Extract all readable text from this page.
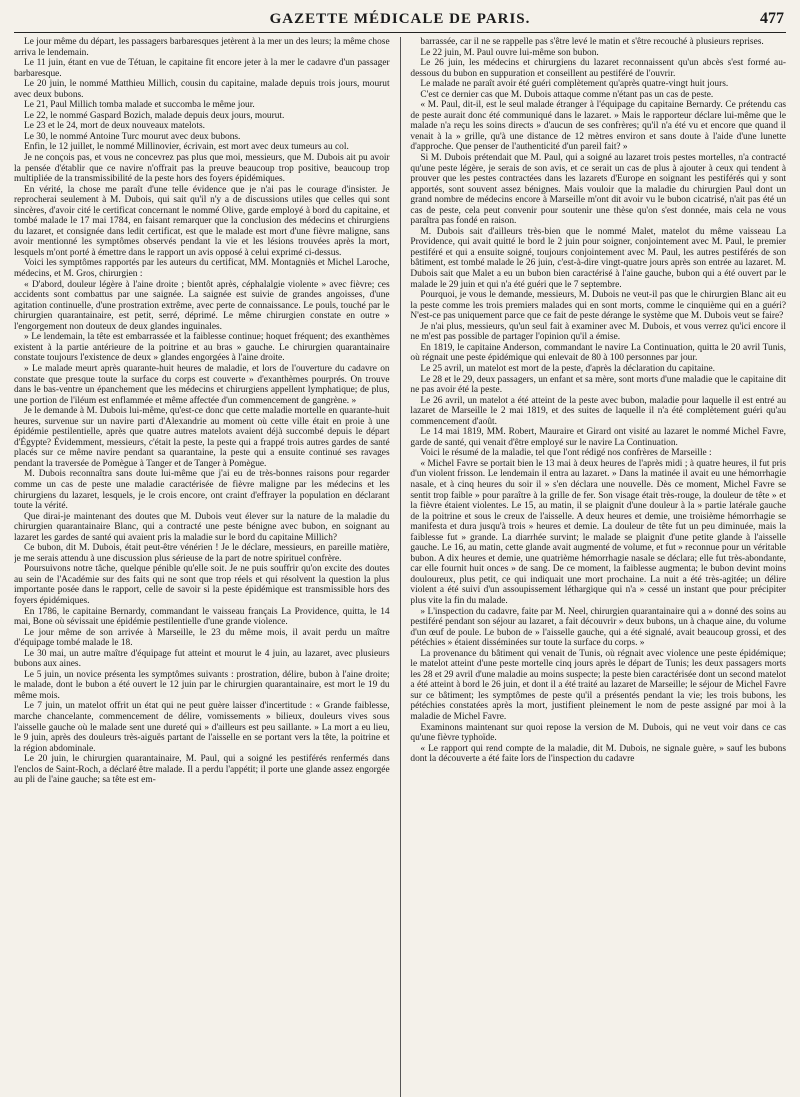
GAZETTE MÉDICALE DE PARIS.	477

Le jour même du départ, les passagers barbaresques jetèrent à la mer un des leurs; la même chose arriva le lendemain.

Le 11 juin, étant en vue de Tétuan, le capitaine fit encore jeter à la mer le cadavre d'un passager barbaresque.

Le 20 juin, le nommé Matthieu Millich, cousin du capitaine, malade depuis trois jours, mourut avec deux bubons.

Le 21, Paul Millich tomba malade et succomba le même jour.

Le 22, le nommé Gaspard Bozich, malade depuis deux jours, mourut.

Le 23 et le 24, mort de deux nouveaux matelots.

Le 30, le nommé Antoine Turc mourut avec deux bubons.

Enfin, le 12 juillet, le nommé Millinovier, écrivain, est mort avec deux tumeurs au col.

Je ne conçois pas, et vous ne concevrez pas plus que moi, messieurs, que M. Dubois ait pu avoir la pensée d'établir que ce navire n'offrait pas la preuve beaucoup trop positive, beaucoup trop multipliée de la transmissibilité de la peste hors des foyers épidémiques.

En vérité, la chose me paraît d'une telle évidence que je n'ai pas le courage d'insister. Je reprocherai seulement à M. Dubois, qui sait qu'il n'y a de discussions utiles que celles qui sont sincères, d'avoir cité le certificat concernant le nommé Olive, garde employé à bord du capitaine, et tombé malade le 17 mai 1784, en faisant remarquer que la conclusion des médecins et chirurgiens du lazaret, et consignée dans ledit certificat, est que le malade est mort d'une fièvre maligne, sans avoir mentionné les symptômes observés pendant la vie et les lésions trouvées après la mort, lesquels m'ont porté à émettre dans le rapport un avis opposé à celui exprimé ci-dessus.

Voici les symptômes rapportés par les auteurs du certificat, MM. Montagniès et Michel Laroche, médecins, et M. Gros, chirurgien :

« D'abord, douleur légère à l'aine droite ; bientôt après, céphalalgie violente » avec fièvre; ces accidents sont combattus par une saignée. La saignée est suivie de grandes angoisses, d'une agitation continuelle, d'une prostration extrême, avec perte de connaissance. Le pouls, touché par le chirurgien quarantainaire, est petit, serré, déprimé. Le même chirurgien constate en outre » l'engorgement non douteux de deux glandes inguinales.

» Le lendemain, la tête est embarrassée et la faiblesse continue; hoquet fréquent; des exanthèmes existent à la partie antérieure de la poitrine et au bras » gauche. Le chirurgien quarantainaire constate toujours l'existence de deux » glandes engorgées à l'aine droite.

» Le malade meurt après quarante-huit heures de maladie, et lors de l'ouverture du cadavre on constate que presque toute la surface du corps est couverte » d'exanthèmes pourprés. On trouve dans le bas-ventre un épanchement que les médecins et chirurgiens appellent lymphatique; de plus, une portion de l'iléum est enflammée et même affectée d'un commencement de gangrène. »

Je le demande à M. Dubois lui-même, qu'est-ce donc que cette maladie mortelle en quarante-huit heures, survenue sur un navire parti d'Alexandrie au moment où cette ville était en proie à une épidémie pestilentielle, après que quatre autres matelots avaient déjà succombé depuis le départ d'Égypte? Évidemment, messieurs, c'était la peste, la peste qui a frappé trois autres gardes de santé placés sur ce même navire pendant sa quarantaine, la peste qui a ensuite continué ses ravages pendant la traversée de Pomègue à Tanger et de Tanger à Pomègue.

M. Dubois reconnaîtra sans doute lui-même que j'ai eu de très-bonnes raisons pour regarder comme un cas de peste une maladie caractérisée de fièvre maligne par les médecins et les chirurgiens du lazaret, lesquels, je le crois encore, ont craint d'effrayer la population en déclarant toute la vérité.

Que dirai-je maintenant des doutes que M. Dubois veut élever sur la nature de la maladie du chirurgien quarantainaire Blanc, qui a contracté une peste bénigne avec bubon, en soignant au lazaret les gardes de santé qui avaient pris la maladie sur le bord du capitaine Millich?

Ce bubon, dit M. Dubois, était peut-être vénérien ! Je le déclare, messieurs, en pareille matière, je me serais attendu à une discussion plus sérieuse de la part de notre spirituel confrère.

Poursuivons notre tâche, quelque pénible qu'elle soit. Je ne puis souffrir qu'on excite des doutes au sein de l'Académie sur des faits qui ne sont que trop réels et qui résolvent la question la plus importante posée dans le rapport, celle de savoir si la peste épidémique est transmissible hors des foyers épidémiques.

En 1786, le capitaine Bernardy, commandant le vaisseau français La Providence, quitta, le 14 mai, Bone où sévissait une épidémie pestilentielle d'une grande violence.

Le jour même de son arrivée à Marseille, le 23 du même mois, il avait perdu un maître d'équipage tombé malade le 18.

Le 30 mai, un autre maître d'équipage fut atteint et mourut le 4 juin, au lazaret, avec plusieurs bubons aux aines.

Le 5 juin, un novice présenta les symptômes suivants : prostration, délire, bubon à l'aine droite; le malade, dont le bubon a été ouvert le 12 juin par le chirurgien quarantainaire, est mort le 19 du même mois.

Le 7 juin, un matelot offrit un état qui ne peut guère laisser d'incertitude : « Grande faiblesse, marche chancelante, commencement de délire, vomissements » bilieux, douleurs vives sous l'aisselle gauche où le malade sent une dureté qui » d'ailleurs est peu saillante. » La mort a eu lieu, le 9 juin, après des douleurs très-aiguës partant de l'aisselle en se portant vers la tête, la poitrine et la région abdominale.

Le 20 juin, le chirurgien quarantainaire, M. Paul, qui a soigné les pestiférés renfermés dans l'enclos de Saint-Roch, a déclaré être malade. Il a perdu l'appétit; il porte une glande assez engorgée au pli de l'aine gauche; sa tête est em-

barrassée, car il ne se rappelle pas s'être levé le matin et s'être recouché à plusieurs reprises.

Le 22 juin, M. Paul ouvre lui-même son bubon.

Le 26 juin, les médecins et chirurgiens du lazaret reconnaissent qu'un abcès s'est formé au-dessous du bubon en suppuration et conseillent au pestiféré de l'ouvrir.

Le malade ne paraît avoir été guéri complètement qu'après quatre-vingt huit jours.

C'est ce dernier cas que M. Dubois attaque comme n'étant pas un cas de peste.

« M. Paul, dit-il, est le seul malade étranger à l'équipage du capitaine Bernardy. Ce prétendu cas de peste aurait donc été communiqué dans le lazaret. » Mais le rapporteur déclare lui-même que le malade n'a reçu les soins directs » d'aucun de ses confrères; qu'il n'a été vu et encore que quand il venait à la » grille, qu'à une distance de 12 mètres environ et sans doute à l'aide d'une lunette d'approche. Que penser de l'authenticité d'un pareil fait? »

Si M. Dubois prétendait que M. Paul, qui a soigné au lazaret trois pestes mortelles, n'a contracté qu'une peste légère, je serais de son avis, et ce serait un cas de plus à ajouter à ceux qui tendent à prouver que les pestes contractées dans les lazarets d'Europe en soignant les pestiférés qui y sont apportés, sont souvent assez bénignes. Mais vouloir que la maladie du chirurgien Paul dont un grand nombre de médecins encore à Marseille m'ont dit avoir vu le bubon cicatrisé, n'ait pas été un cas de peste, cela peut convenir pour soutenir une thèse qu'on s'est donnée, mais cela ne vous paraîtra pas fondé en raison.

M. Dubois sait d'ailleurs très-bien que le nommé Malet, matelot du même vaisseau La Providence, qui avait quitté le bord le 2 juin pour soigner, conjointement avec M. Paul, le premier pestiféré et qui a ensuite soigné, toujours conjointement avec M. Paul, les autres pestiférés de son bâtiment, est tombé malade le 26 juin, c'est-à-dire vingt-quatre jours après son entrée au lazaret. M. Dubois sait que Malet a eu un bubon bien caractérisé à l'aine gauche, bubon qui a été ouvert par le malade le 29 juin et qui n'a été guéri que le 7 septembre.

Pourquoi, je vous le demande, messieurs, M. Dubois ne veut-il pas que le chirurgien Blanc ait eu la peste comme les trois premiers malades qui en sont morts, comme le cinquième qui en a guéri? N'est-ce pas uniquement parce que ce fait de peste dérange le système que M. Dubois veut se faire?

Je n'ai plus, messieurs, qu'un seul fait à examiner avec M. Dubois, et vous verrez qu'ici encore il ne m'est pas possible de partager l'opinion qu'il a émise.

En 1819, le capitaine Anderson, commandant le navire La Continuation, quitta le 20 avril Tunis, où régnait une peste épidémique qui enlevait de 80 à 100 personnes par jour.

Le 25 avril, un matelot est mort de la peste, d'après la déclaration du capitaine.

Le 28 et le 29, deux passagers, un enfant et sa mère, sont morts d'une maladie que le capitaine dit ne pas avoir été la peste.

Le 26 avril, un matelot a été atteint de la peste avec bubon, maladie pour laquelle il est entré au lazaret de Marseille le 2 mai 1819, et des suites de laquelle il n'a été complètement guéri qu'au commencement d'août.

Le 14 mai 1819, MM. Robert, Mauraire et Girard ont visité au lazaret le nommé Michel Favre, garde de santé, qui venait d'être employé sur le navire La Continuation.

Voici le résumé de la maladie, tel que l'ont rédigé nos confrères de Marseille :

« Michel Favre se portait bien le 13 mai à deux heures de l'après midi ; à quatre heures, il fut pris d'un violent frisson. Le lendemain il entra au lazaret. » Dans la matinée il avait eu une hémorrhagie nasale, et à cinq heures du soir il » s'en déclara une nouvelle. Dès ce moment, Michel Favre se sentit trop faible » pour paraître à la grille de fer. Son visage était très-rouge, la douleur de tête » et la fièvre étaient violentes. Le 15, au matin, il se plaignit d'une douleur à la » partie latérale gauche de la poitrine et sous le creux de l'aisselle. A deux heures et demie, une troisième hémorrhagie se manifesta et dura jusqu'à trois » heures et demie. La douleur de tête fut un peu diminuée, mais la faiblesse fut » grande. La diarrhée survint; le malade se plaignit d'une petite glande à l'aisselle gauche. Le 16, au matin, cette glande avait augmenté de volume, et fut » reconnue pour un véritable bubon. A dix heures et demie, une quatrième hémorrhagie nasale se déclara; elle fut très-abondante, car elle fournit huit onces » de sang. De ce moment, la faiblesse augmenta; le bubon devint moins douloureux, plus petit, ce qui indiquait une mort prochaine. La nuit a été très-agitée; un délire violent a été suivi d'un assoupissement léthargique qui n'a » cessé un instant que pour précipiter plus vite la fin du malade.

» L'inspection du cadavre, faite par M. Neel, chirurgien quarantainaire qui a » donné des soins au pestiféré pendant son séjour au lazaret, a fait découvrir » deux bubons, un à chaque aine, du volume d'un œuf de poule. Le bubon de » l'aisselle gauche, qui a été signalé, avait beaucoup grossi, et des pétéchies » étaient disséminées sur toute la surface du corps. »

La provenance du bâtiment qui venait de Tunis, où régnait avec violence une peste épidémique; le matelot atteint d'une peste mortelle cinq jours après le départ de Tunis; les deux passagers morts les 28 et 29 avril d'une maladie au moins suspecte; la peste bien caractérisée dont un second matelot a été atteint à bord le 26 juin, et dont il a été traité au lazaret de Marseille; le séjour de Michel Favre sur ce bâtiment; les symptômes de peste qu'il a présentés pendant la vie; les trois bubons, les pétéchies constatées après la mort, justifient pleinement le nom de peste assigné par moi à la maladie de Michel Favre.

Examinons maintenant sur quoi repose la version de M. Dubois, qui ne veut voir dans ce cas qu'une fièvre typhoïde.

« Le rapport qui rend compte de la maladie, dit M. Dubois, ne signale guère, » sauf les bubons dont la découverte a été faite lors de l'inspection du cadavre
